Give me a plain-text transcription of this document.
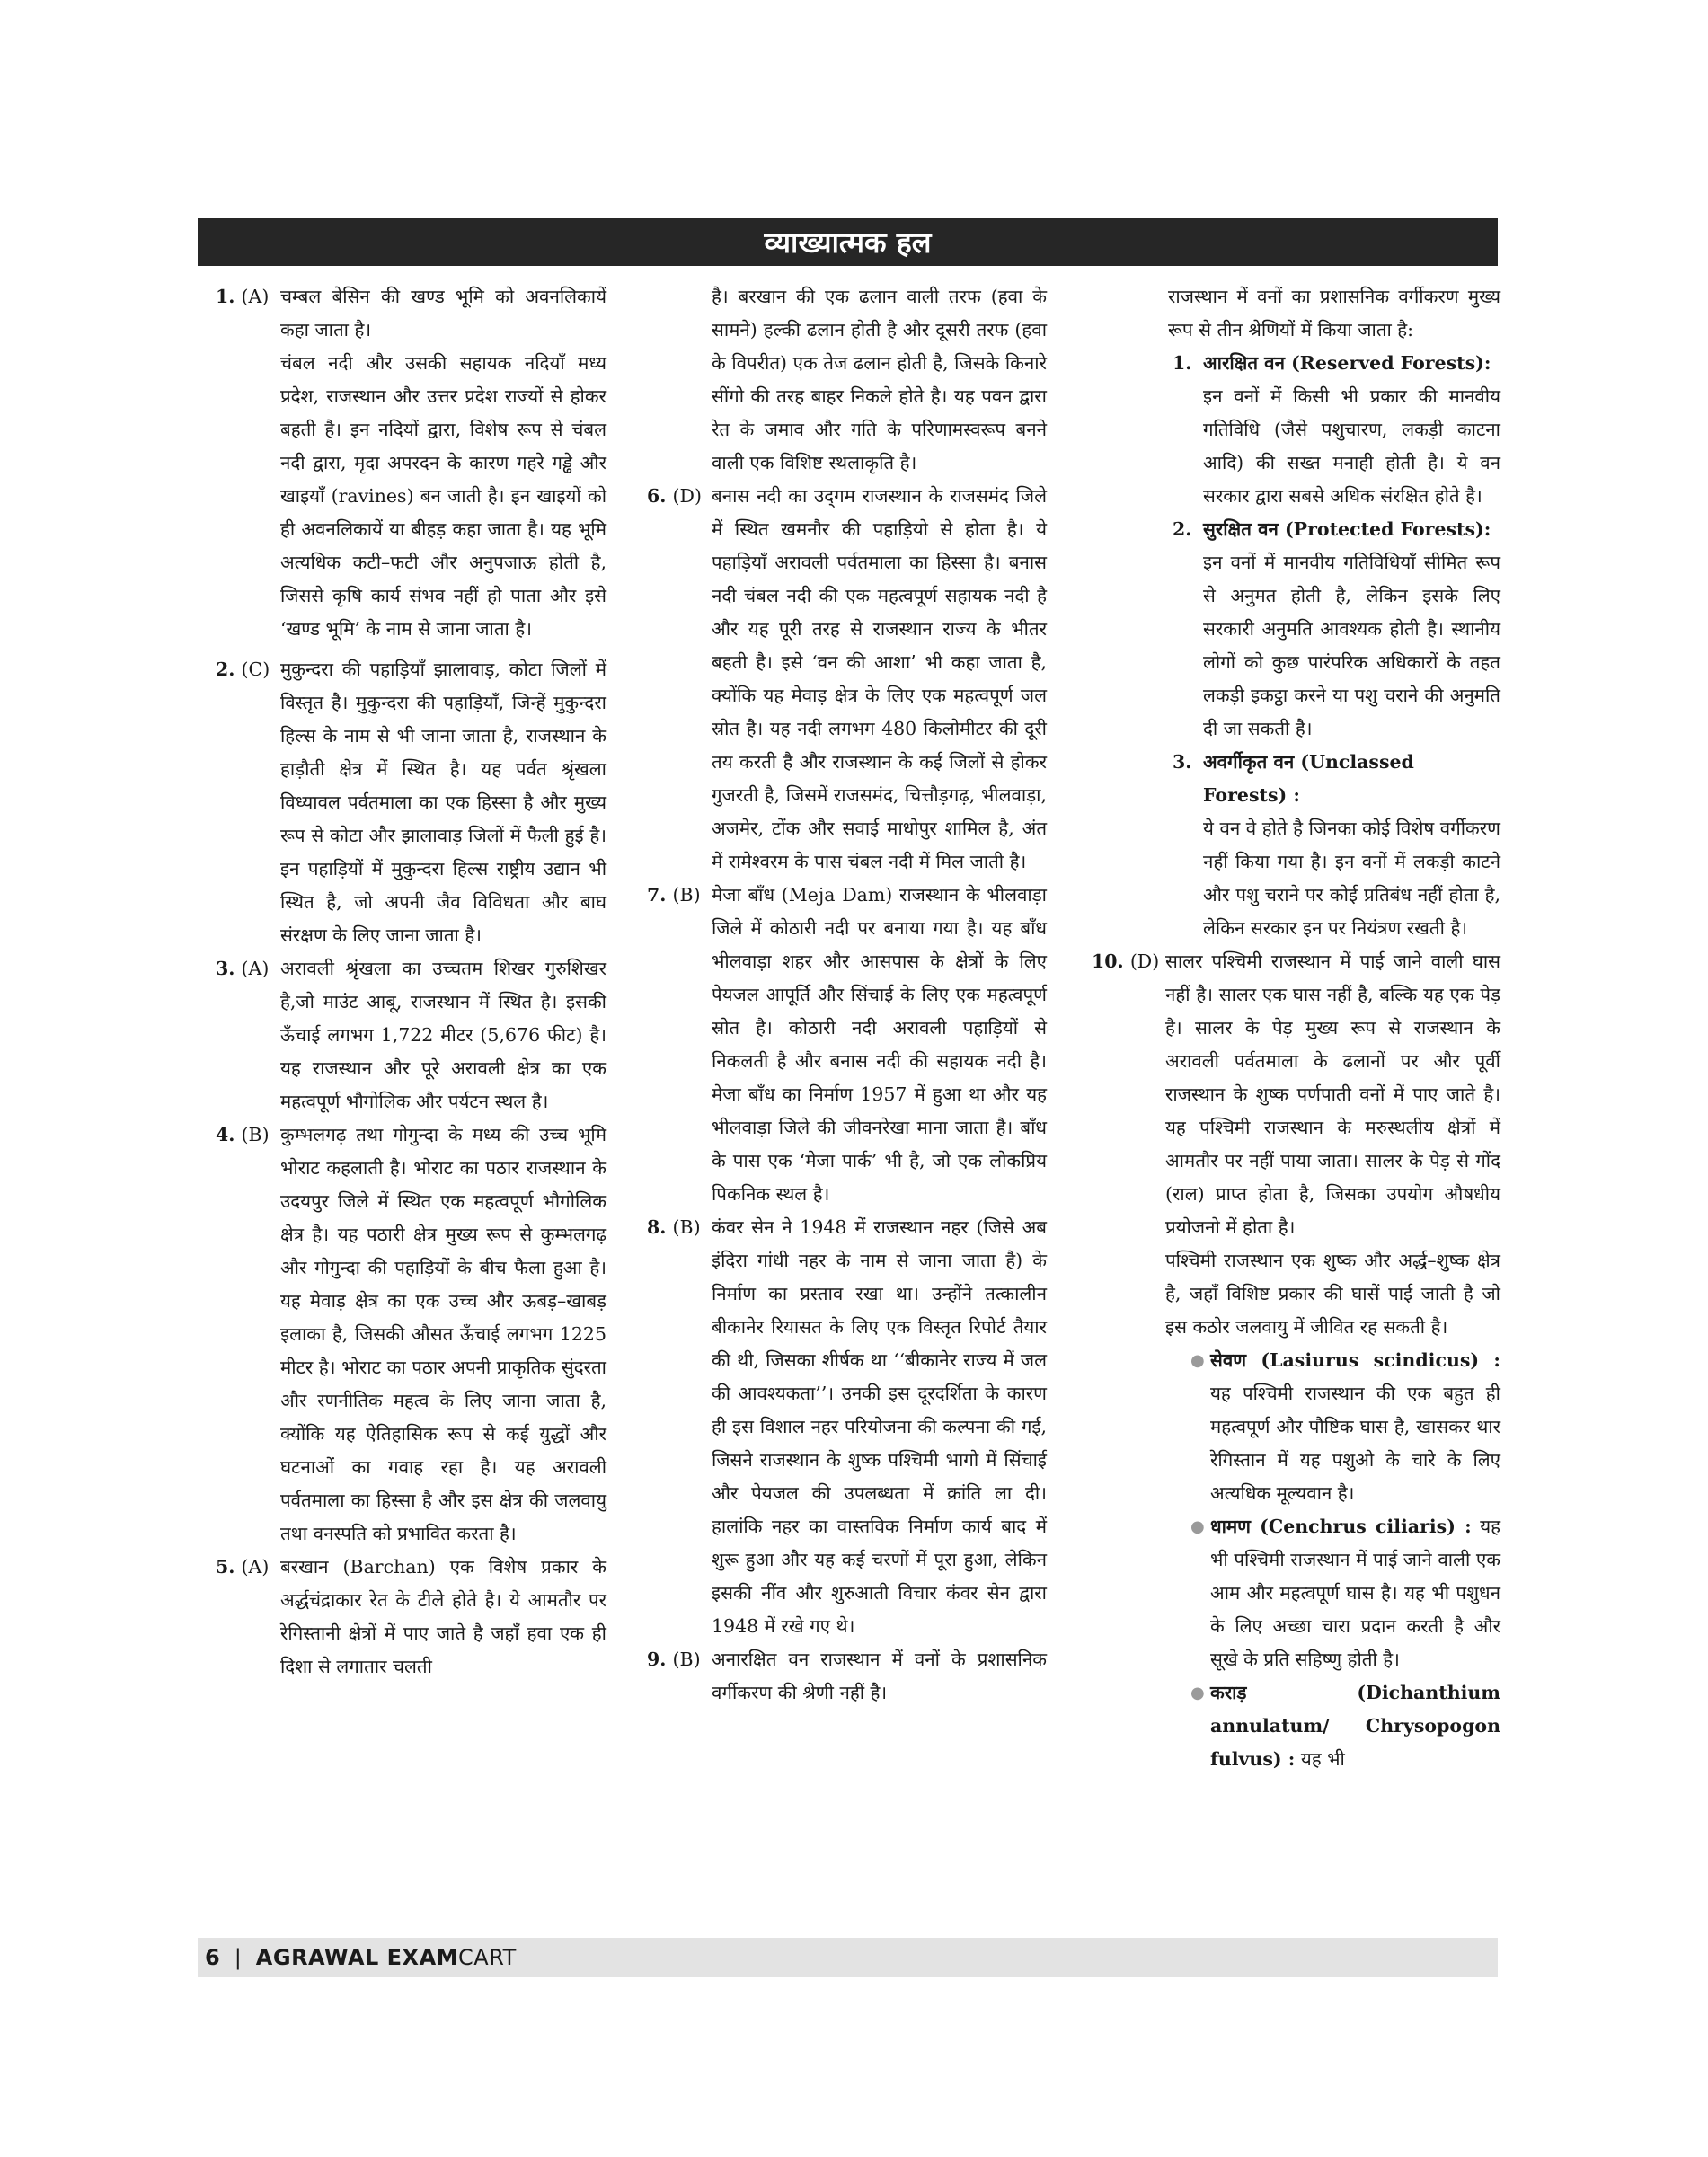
व्याख्यात्मक हल
1. (A) चम्बल बेसिन की खण्ड भूमि को अवनलिकायें कहा जाता है।

चंबल नदी और उसकी सहायक नदियाँ मध्य प्रदेश, राजस्थान और उत्तर प्रदेश राज्यों से होकर बहती है। इन नदियों द्वारा, विशेष रूप से चंबल नदी द्वारा, मृदा अपरदन के कारण गहरे गड्ढे और खाइयाँ (ravines) बन जाती है। इन खाइयों को ही अवनलिकायें या बीहड़ कहा जाता है। यह भूमि अत्यधिक कटी–फटी और अनुपजाऊ होती है, जिससे कृषि कार्य संभव नहीं हो पाता और इसे ‘खण्ड भूमि’ के नाम से जाना जाता है।

2. (C) मुकुन्दरा की पहाड़ियाँ झालावाड़, कोटा जिलों में विस्तृत है। मुकुन्दरा की पहाड़ियाँ, जिन्हें मुकुन्दरा हिल्स के नाम से भी जाना जाता है, राजस्थान के हाड़ौती क्षेत्र में स्थित है। यह पर्वत श्रृंखला विध्यावल पर्वतमाला का एक हिस्सा है और मुख्य रूप से कोटा और झालावाड़ जिलों में फैली हुई है। इन पहाड़ियों में मुकुन्दरा हिल्स राष्ट्रीय उद्यान भी स्थित है, जो अपनी जैव विविधता और बाघ संरक्षण के लिए जाना जाता है।

3. (A) अरावली श्रृंखला का उच्चतम शिखर गुरुशिखर है,जो माउंट आबू, राजस्थान में स्थित है। इसकी ऊँचाई लगभग 1,722 मीटर (5,676 फीट) है। यह राजस्थान और पूरे अरावली क्षेत्र का एक महत्वपूर्ण भौगोलिक और पर्यटन स्थल है।

4. (B) कुम्भलगढ़ तथा गोगुन्दा के मध्य की उच्च भूमि भोराट कहलाती है। भोराट का पठार राजस्थान के उदयपुर जिले में स्थित एक महत्वपूर्ण भौगोलिक क्षेत्र है। यह पठारी क्षेत्र मुख्य रूप से कुम्भलगढ़ और गोगुन्दा की पहाड़ियों के बीच फैला हुआ है। यह मेवाड़ क्षेत्र का एक उच्च और ऊबड़–खाबड़ इलाका है, जिसकी औसत ऊँचाई लगभग 1225 मीटर है। भोराट का पठार अपनी प्राकृतिक सुंदरता और रणनीतिक महत्व के लिए जाना जाता है, क्योंकि यह ऐतिहासिक रूप से कई युद्धों और घटनाओं का गवाह रहा है। यह अरावली पर्वतमाला का हिस्सा है और इस क्षेत्र की जलवायु तथा वनस्पति को प्रभावित करता है।

5. (A) बरखान (Barchan) एक विशेष प्रकार के अर्द्धचंद्राकार रेत के टीले होते है। ये आमतौर पर रेगिस्तानी क्षेत्रों में पाए जाते है जहाँ हवा एक ही दिशा से लगातार चलती

है। बरखान की एक ढलान वाली तरफ (हवा के सामने) हल्की ढलान होती है और दूसरी तरफ (हवा के विपरीत) एक तेज ढलान होती है, जिसके किनारे सींगो की तरह बाहर निकले होते है। यह पवन द्वारा रेत के जमाव और गति के परिणामस्वरूप बनने वाली एक विशिष्ट स्थलाकृति है।

6. (D) बनास नदी का उद्‌गम राजस्थान के राजसमंद जिले में स्थित खमनौर की पहाड़ियो से होता है। ये पहाड़ियाँ अरावली पर्वतमाला का हिस्सा है। बनास नदी चंबल नदी की एक महत्वपूर्ण सहायक नदी है और यह पूरी तरह से राजस्थान राज्य के भीतर बहती है। इसे ‘वन की आशा’ भी कहा जाता है, क्योंकि यह मेवाड़ क्षेत्र के लिए एक महत्वपूर्ण जल स्रोत है। यह नदी लगभग 480 किलोमीटर की दूरी तय करती है और राजस्थान के कई जिलों से होकर गुजरती है, जिसमें राजसमंद, चित्तौड़गढ़, भीलवाड़ा, अजमेर, टोंक और सवाई माधोपुर शामिल है, अंत में रामेश्वरम के पास चंबल नदी में मिल जाती है।

7. (B) मेजा बाँध (Meja Dam) राजस्थान के भीलवाड़ा जिले में कोठारी नदी पर बनाया गया है। यह बाँध भीलवाड़ा शहर और आसपास के क्षेत्रों के लिए पेयजल आपूर्ति और सिंचाई के लिए एक महत्वपूर्ण स्रोत है। कोठारी नदी अरावली पहाड़ियों से निकलती है और बनास नदी की सहायक नदी है। मेजा बाँध का निर्माण 1957 में हुआ था और यह भीलवाड़ा जिले की जीवनरेखा माना जाता है। बाँध के पास एक ‘मेजा पार्क’ भी है, जो एक लोकप्रिय पिकनिक स्थल है।

8. (B) कंवर सेन ने 1948 में राजस्थान नहर (जिसे अब इंदिरा गांधी नहर के नाम से जाना जाता है) के निर्माण का प्रस्ताव रखा था। उन्होंने तत्कालीन बीकानेर रियासत के लिए एक विस्तृत रिपोर्ट तैयार की थी, जिसका शीर्षक था ‘‘बीकानेर राज्य में जल की आवश्यकता’’। उनकी इस दूरदर्शिता के कारण ही इस विशाल नहर परियोजना की कल्पना की गई, जिसने राजस्थान के शुष्क पश्चिमी भागो में सिंचाई और पेयजल की उपलब्धता में क्रांति ला दी। हालांकि नहर का वास्तविक निर्माण कार्य बाद में शुरू हुआ और यह कई चरणों में पूरा हुआ, लेकिन इसकी नींव और शुरुआती विचार कंवर सेन द्वारा 1948 में रखे गए थे।

9. (B) अनारक्षित वन राजस्थान में वनों के प्रशासनिक वर्गीकरण की श्रेणी नहीं है।

राजस्थान में वनों का प्रशासनिक वर्गीकरण मुख्य रूप से तीन श्रेणियों में किया जाता है:

1. आरक्षित वन (Reserved Forests):

इन वनों में किसी भी प्रकार की मानवीय गतिविधि (जैसे पशुचारण, लकड़ी काटना आदि) की सख्त मनाही होती है। ये वन सरकार द्वारा सबसे अधिक संरक्षित होते है।

2. सुरक्षित वन (Protected Forests):

इन वनों में मानवीय गतिविधियाँ सीमित रूप से अनुमत होती है, लेकिन इसके लिए सरकारी अनुमति आवश्यक होती है। स्थानीय लोगों को कुछ पारंपरिक अधिकारों के तहत लकड़ी इकट्ठा करने या पशु चराने की अनुमति दी जा सकती है।

3. अवर्गीकृत वन (Unclassed Forests) :

ये वन वे होते है जिनका कोई विशेष वर्गीकरण नहीं किया गया है। इन वनों में लकड़ी काटने और पशु चराने पर कोई प्रतिबंध नहीं होता है, लेकिन सरकार इन पर नियंत्रण रखती है।

10. (D) सालर पश्चिमी राजस्थान में पाई जाने वाली घास नहीं है। सालर एक घास नहीं है, बल्कि यह एक पेड़ है। सालर के पेड़ मुख्य रूप से राजस्थान के अरावली पर्वतमाला के ढलानों पर और पूर्वी राजस्थान के शुष्क पर्णपाती वनों में पाए जाते है। यह पश्चिमी राजस्थान के मरुस्थलीय क्षेत्रों में आमतौर पर नहीं पाया जाता। सालर के पेड़ से गोंद (राल) प्राप्त होता है, जिसका उपयोग औषधीय प्रयोजनो में होता है।

पश्चिमी राजस्थान एक शुष्क और अर्द्ध–शुष्क क्षेत्र है, जहाँ विशिष्ट प्रकार की घासें पाई जाती है जो इस कठोर जलवायु में जीवित रह सकती है।

● सेवण (Lasiurus scindicus) : यह पश्चिमी राजस्थान की एक बहुत ही महत्वपूर्ण और पौष्टिक घास है, खासकर थार रेगिस्तान में यह पशुओ के चारे के लिए अत्यधिक मूल्यवान है।

● धामण (Cenchrus ciliaris) : यह भी पश्चिमी राजस्थान में पाई जाने वाली एक आम और महत्वपूर्ण घास है। यह भी पशुधन के लिए अच्छा चारा प्रदान करती है और सूखे के प्रति सहिष्णु होती है।

● कराड़ (Dichanthium annulatum/ Chrysopogon fulvus) : यह भी

6 | AGRAWAL EXAMCART
